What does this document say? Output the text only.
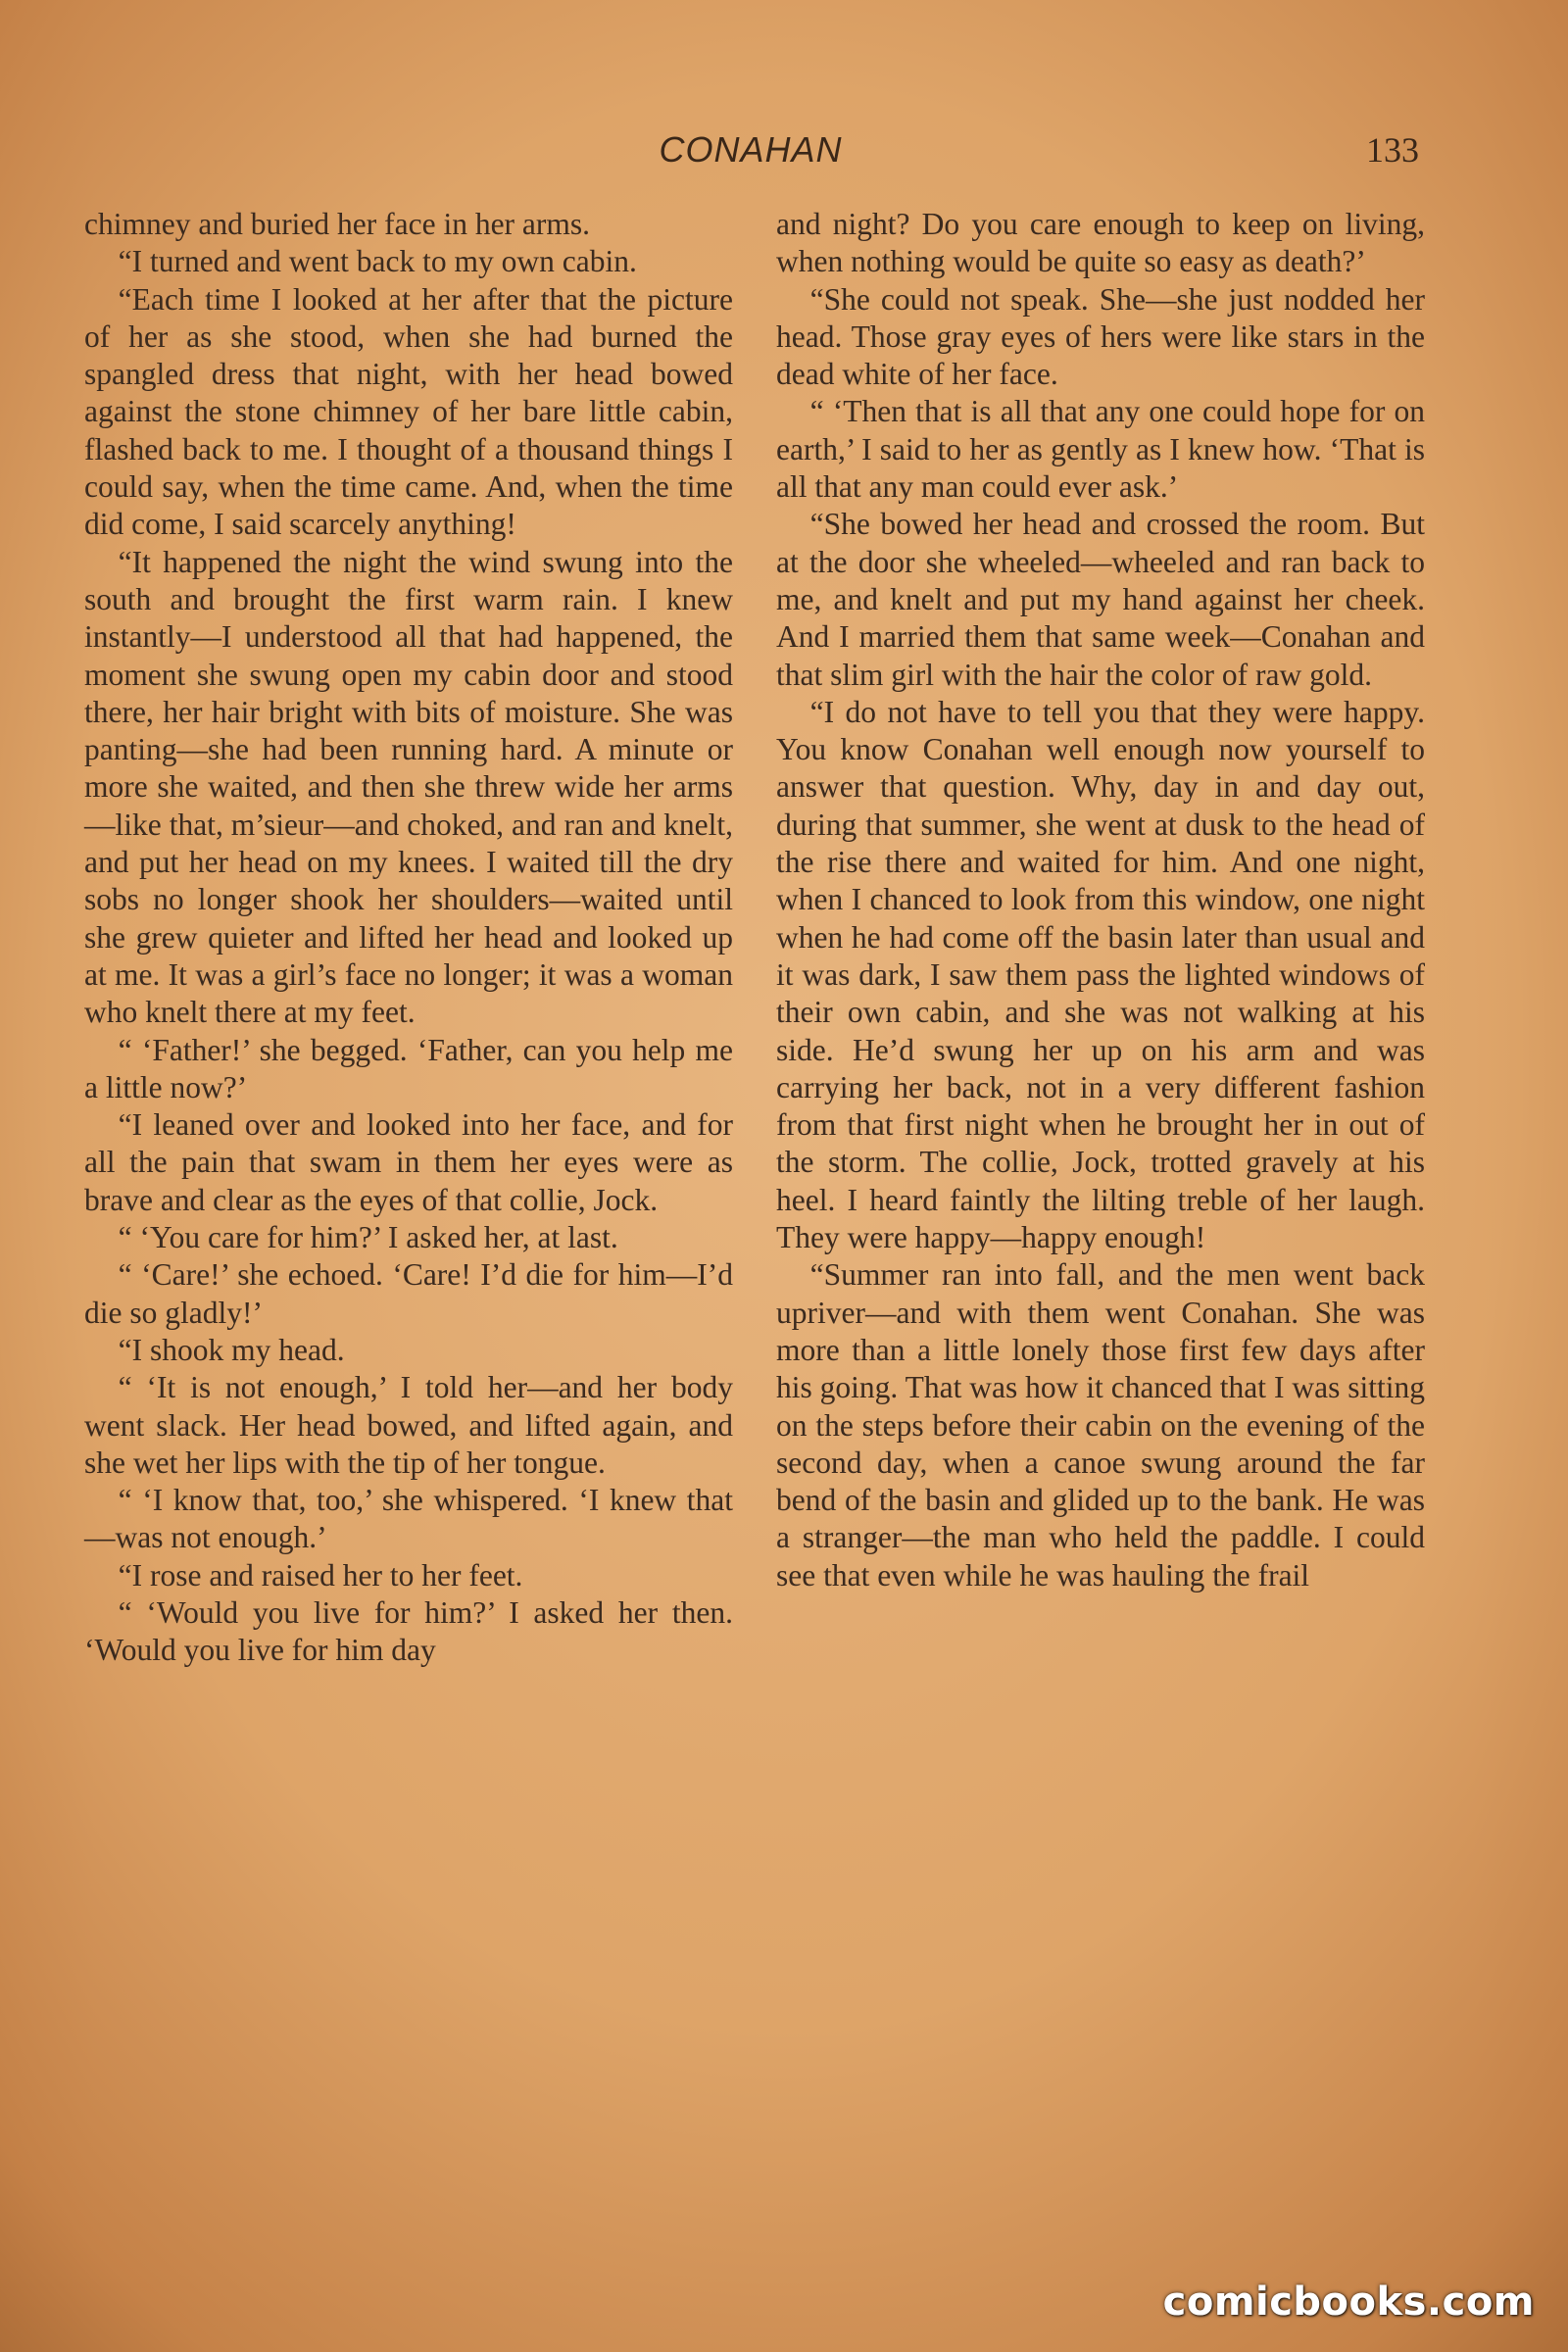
CONAHAN	133

chimney and buried her face in her arms.

“I turned and went back to my own cabin.

“Each time I looked at her after that the picture of her as she stood, when she had burned the spangled dress that night, with her head bowed against the stone chimney of her bare little cabin, flashed back to me. I thought of a thousand things I could say, when the time came. And, when the time did come, I said scarcely anything!

“It happened the night the wind swung into the south and brought the first warm rain. I knew instantly—I understood all that had happened, the moment she swung open my cabin door and stood there, her hair bright with bits of moisture. She was panting—she had been running hard. A minute or more she waited, and then she threw wide her arms—like that, m’sieur—and choked, and ran and knelt, and put her head on my knees. I waited till the dry sobs no longer shook her shoulders—waited until she grew quieter and lifted her head and looked up at me. It was a girl’s face no longer; it was a woman who knelt there at my feet.

“ ‘Father!’ she begged. ‘Father, can you help me a little now?’

“I leaned over and looked into her face, and for all the pain that swam in them her eyes were as brave and clear as the eyes of that collie, Jock.

“ ‘You care for him?’ I asked her, at last.

“ ‘Care!’ she echoed. ‘Care! I’d die for him—I’d die so gladly!’

“I shook my head.

“ ‘It is not enough,’ I told her—and her body went slack. Her head bowed, and lifted again, and she wet her lips with the tip of her tongue.

“ ‘I know that, too,’ she whispered. ‘I knew that—was not enough.’

“I rose and raised her to her feet.

“ ‘Would you live for him?’ I asked her then. ‘Would you live for him day

and night? Do you care enough to keep on living, when nothing would be quite so easy as death?’

“She could not speak. She—she just nodded her head. Those gray eyes of hers were like stars in the dead white of her face.

“ ‘Then that is all that any one could hope for on earth,’ I said to her as gently as I knew how. ‘That is all that any man could ever ask.’

“She bowed her head and crossed the room. But at the door she wheeled—wheeled and ran back to me, and knelt and put my hand against her cheek. And I married them that same week—Conahan and that slim girl with the hair the color of raw gold.

“I do not have to tell you that they were happy. You know Conahan well enough now yourself to answer that question. Why, day in and day out, during that summer, she went at dusk to the head of the rise there and waited for him. And one night, when I chanced to look from this window, one night when he had come off the basin later than usual and it was dark, I saw them pass the lighted windows of their own cabin, and she was not walking at his side. He’d swung her up on his arm and was carrying her back, not in a very different fashion from that first night when he brought her in out of the storm. The collie, Jock, trotted gravely at his heel. I heard faintly the lilting treble of her laugh. They were happy—happy enough!

“Summer ran into fall, and the men went back upriver—and with them went Conahan. She was more than a little lonely those first few days after his going. That was how it chanced that I was sitting on the steps before their cabin on the evening of the second day, when a canoe swung around the far bend of the basin and glided up to the bank. He was a stranger—the man who held the paddle. I could see that even while he was hauling the frail

comicbooks.com
